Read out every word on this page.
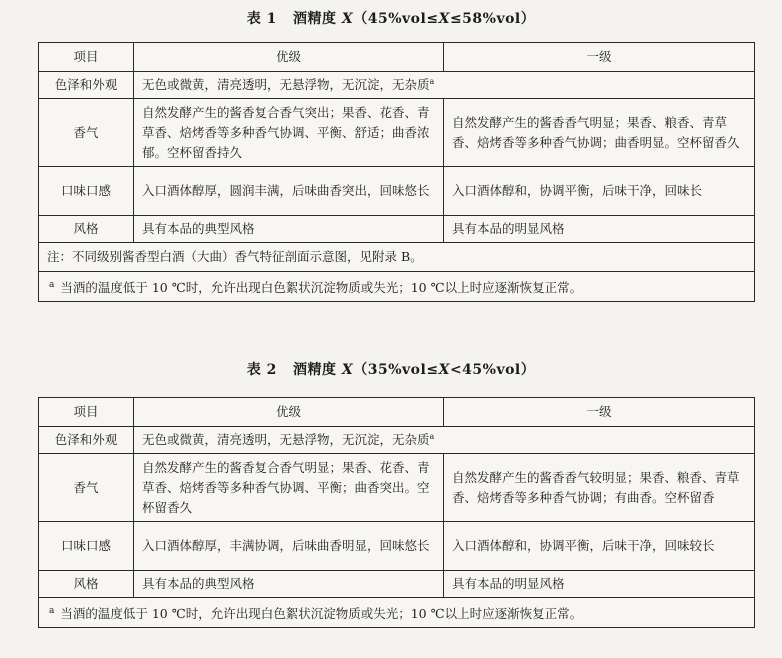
表 1 酒精度 X（45%vol≤X≤58%vol）
项目	优级	一级
色泽和外观	无色或微黄，清亮透明，无悬浮物，无沉淀，无杂质$^a$
香气	自然发酵产生的酱香复合香气突出；果香、花香、青草香、焙烤香等多种香气协调、平衡、舒适；曲香浓郁。空杯留香持久	自然发酵产生的酱香香气明显；果香、粮香、青草香、焙烤香等多种香气协调；曲香明显。空杯留香久
口味口感	入口酒体醇厚，圆润丰满，后味曲香突出，回味悠长	入口酒体醇和，协调平衡，后味干净，回味长
风格	具有本品的典型风格	具有本品的明显风格
注：不同级别酱香型白酒（大曲）香气特征剖面示意图，见附录 B。		
$^a$ 当酒的温度低于 10 ℃时，允许出现白色絮状沉淀物质或失光；10 ℃以上时应逐渐恢复正常。		
表 2 酒精度 X（35%vol≤X<45%vol）
项目	优级	一级
色泽和外观	无色或微黄，清亮透明，无悬浮物，无沉淀，无杂质$^a$
香气	自然发酵产生的酱香复合香气明显；果香、花香、青草香、焙烤香等多种香气协调、平衡；曲香突出。空杯留香久	自然发酵产生的酱香香气较明显；果香、粮香、青草香、焙烤香等多种香气协调；有曲香。空杯留香
口味口感	入口酒体醇厚，丰满协调，后味曲香明显，回味悠长	入口酒体醇和，协调平衡，后味干净，回味较长
风格	具有本品的典型风格	具有本品的明显风格
$^a$ 当酒的温度低于 10 ℃时，允许出现白色絮状沉淀物质或失光；10 ℃以上时应逐渐恢复正常。		
